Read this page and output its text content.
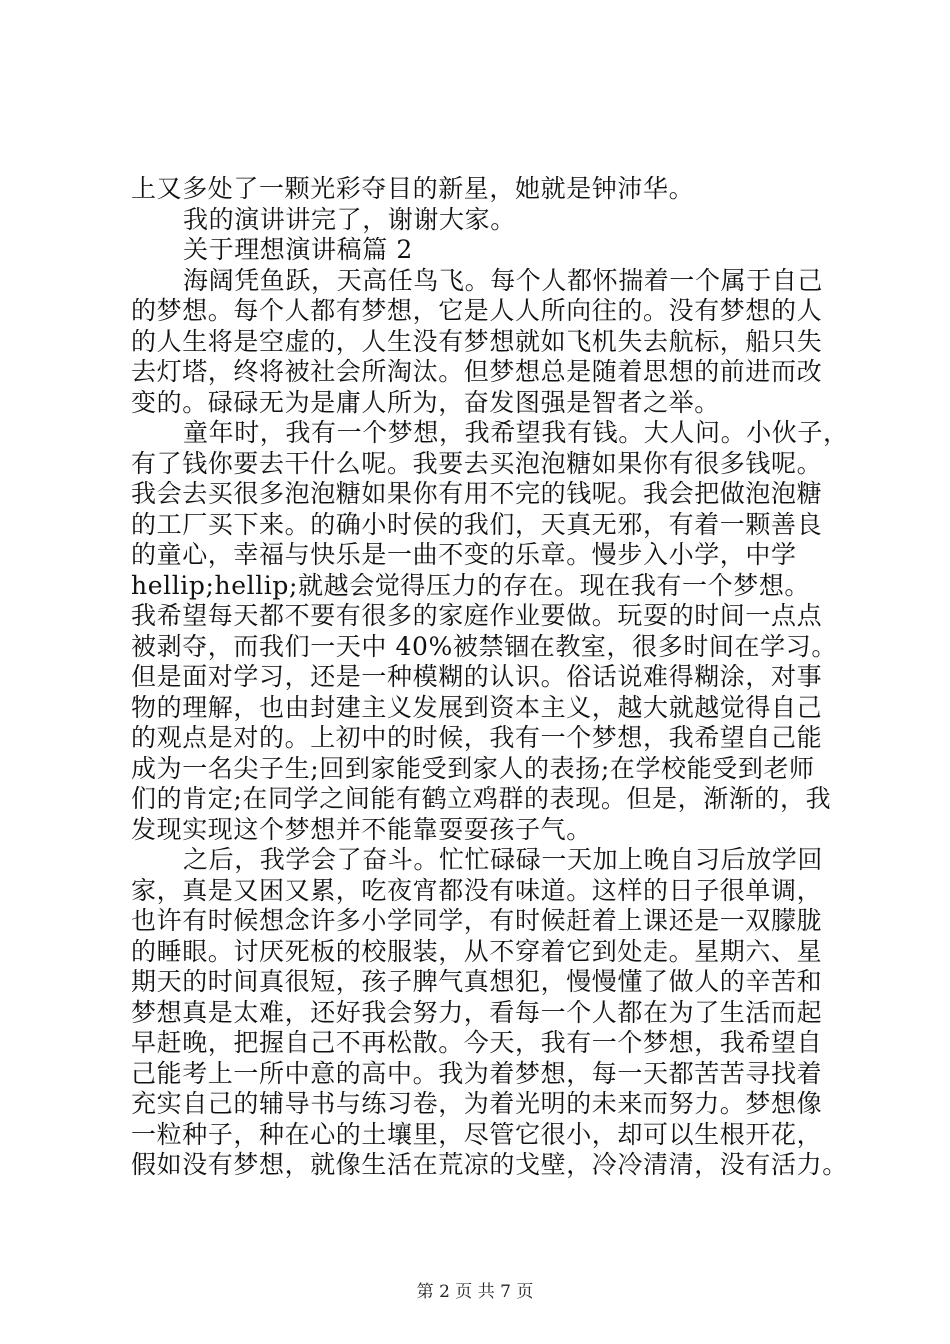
上又多处了一颗光彩夺目的新星，她就是钟沛华。
我的演讲讲完了，谢谢大家。
关于理想演讲稿篇 2
海阔凭鱼跃，天高任鸟飞。每个人都怀揣着一个属于自己
的梦想。每个人都有梦想，它是人人所向往的。没有梦想的人
的人生将是空虚的，人生没有梦想就如飞机失去航标，船只失
去灯塔，终将被社会所淘汰。但梦想总是随着思想的前进而改
变的。碌碌无为是庸人所为，奋发图强是智者之举。
童年时，我有一个梦想，我希望我有钱。大人问。小伙子，
有了钱你要去干什么呢。我要去买泡泡糖如果你有很多钱呢。
我会去买很多泡泡糖如果你有用不完的钱呢。我会把做泡泡糖
的工厂买下来。的确小时侯的我们，天真无邪，有着一颗善良
的童心，幸福与快乐是一曲不变的乐章。慢步入小学，中学
hellip;hellip;就越会觉得压力的存在。现在我有一个梦想。
我希望每天都不要有很多的家庭作业要做。玩耍的时间一点点
被剥夺，而我们一天中 40%被禁锢在教室，很多时间在学习。
但是面对学习，还是一种模糊的认识。俗话说难得糊涂，对事
物的理解，也由封建主义发展到资本主义，越大就越觉得自己
的观点是对的。上初中的时候，我有一个梦想，我希望自己能
成为一名尖子生;回到家能受到家人的表扬;在学校能受到老师
们的肯定;在同学之间能有鹤立鸡群的表现。但是，渐渐的，我
发现实现这个梦想并不能靠耍耍孩子气。
之后，我学会了奋斗。忙忙碌碌一天加上晚自习后放学回
家，真是又困又累，吃夜宵都没有味道。这样的日子很单调，
也许有时候想念许多小学同学，有时候赶着上课还是一双朦胧
的睡眼。讨厌死板的校服装，从不穿着它到处走。星期六、星
期天的时间真很短，孩子脾气真想犯，慢慢懂了做人的辛苦和
梦想真是太难，还好我会努力，看每一个人都在为了生活而起
早赶晚，把握自己不再松散。今天，我有一个梦想，我希望自
己能考上一所中意的高中。我为着梦想，每一天都苦苦寻找着
充实自己的辅导书与练习卷，为着光明的未来而努力。梦想像
一粒种子，种在心的土壤里，尽管它很小，却可以生根开花，
假如没有梦想，就像生活在荒凉的戈壁，冷冷清清，没有活力。
第 2 页 共 7 页
